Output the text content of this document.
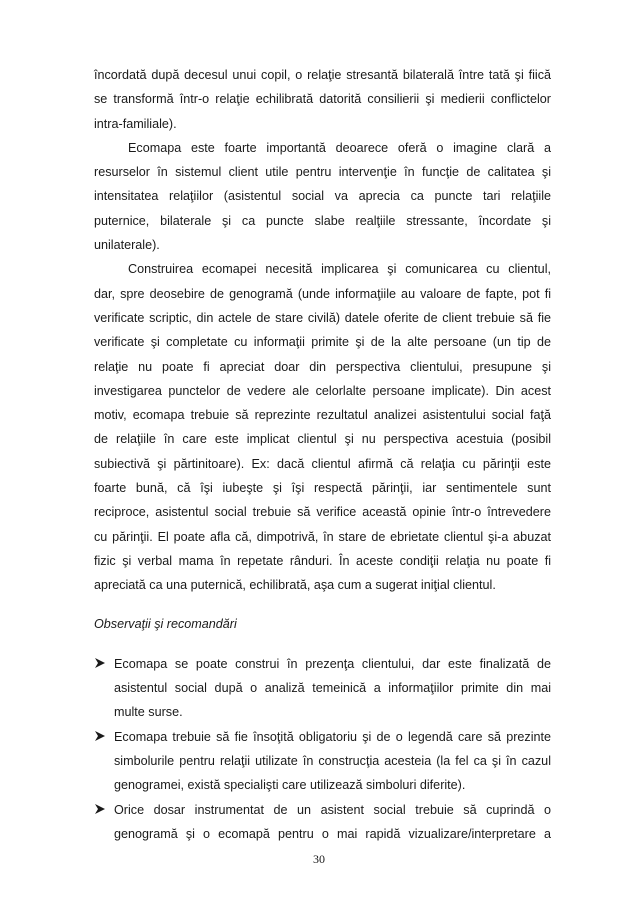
încordată după decesul unui copil, o relaţie stresantă bilaterală între tată şi fiică
se transformă într-o relaţie echilibrată datorită consilierii şi medierii conflictelor
intra-familiale).
Ecomapa este foarte importantă deoarece oferă o imagine clară a
resurselor în sistemul client utile pentru intervenţie în funcţie de calitatea şi
intensitatea relaţiilor (asistentul social va aprecia ca puncte tari relaţiile
puternice, bilaterale şi ca puncte slabe realţiile stressante, încordate şi
unilaterale).
Construirea ecomapei necesită implicarea şi comunicarea cu clientul,
dar, spre deosebire de genogramă (unde informaţiile au valoare de fapte, pot fi
verificate scriptic, din actele de stare civilă) datele oferite de client trebuie să fie
verificate şi completate cu informaţii primite şi de la alte persoane (un tip de
relaţie nu poate fi apreciat doar din perspectiva clientului, presupune şi
investigarea punctelor de vedere ale celorlalte persoane implicate). Din acest
motiv, ecomapa trebuie să reprezinte rezultatul analizei asistentului social faţă
de relaţiile în care este implicat clientul şi nu perspectiva acestuia (posibil
subiectivă şi părtinitoare). Ex: dacă clientul afirmă că relaţia cu părinţii este
foarte bună, că îşi iubeşte şi îşi respectă părinţii, iar sentimentele sunt
reciproce, asistentul social trebuie să verifice această opinie într-o întrevedere
cu părinţii. El poate afla că, dimpotrivă, în stare de ebrietate clientul şi-a abuzat
fizic şi verbal mama în repetate rânduri. În aceste condiţii relaţia nu poate fi
apreciată ca una puternică, echilibrată, aşa cum a sugerat iniţial clientul.
Observaţii şi recomandări
Ecomapa se poate construi în prezenţa clientului, dar este finalizată de
asistentul social după o analiză temeinică a informaţiilor primite din mai
multe surse.
Ecomapa trebuie să fie însoţită obligatoriu şi de o legendă care să prezinte
simbolurile pentru relaţii utilizate în construcţia acesteia (la fel ca şi în cazul
genogramei, există specialişti care utilizează simboluri diferite).
Orice dosar instrumentat de un asistent social trebuie să cuprindă o
genogramă şi o ecomapă pentru o mai rapidă vizualizare/interpretare a
30
